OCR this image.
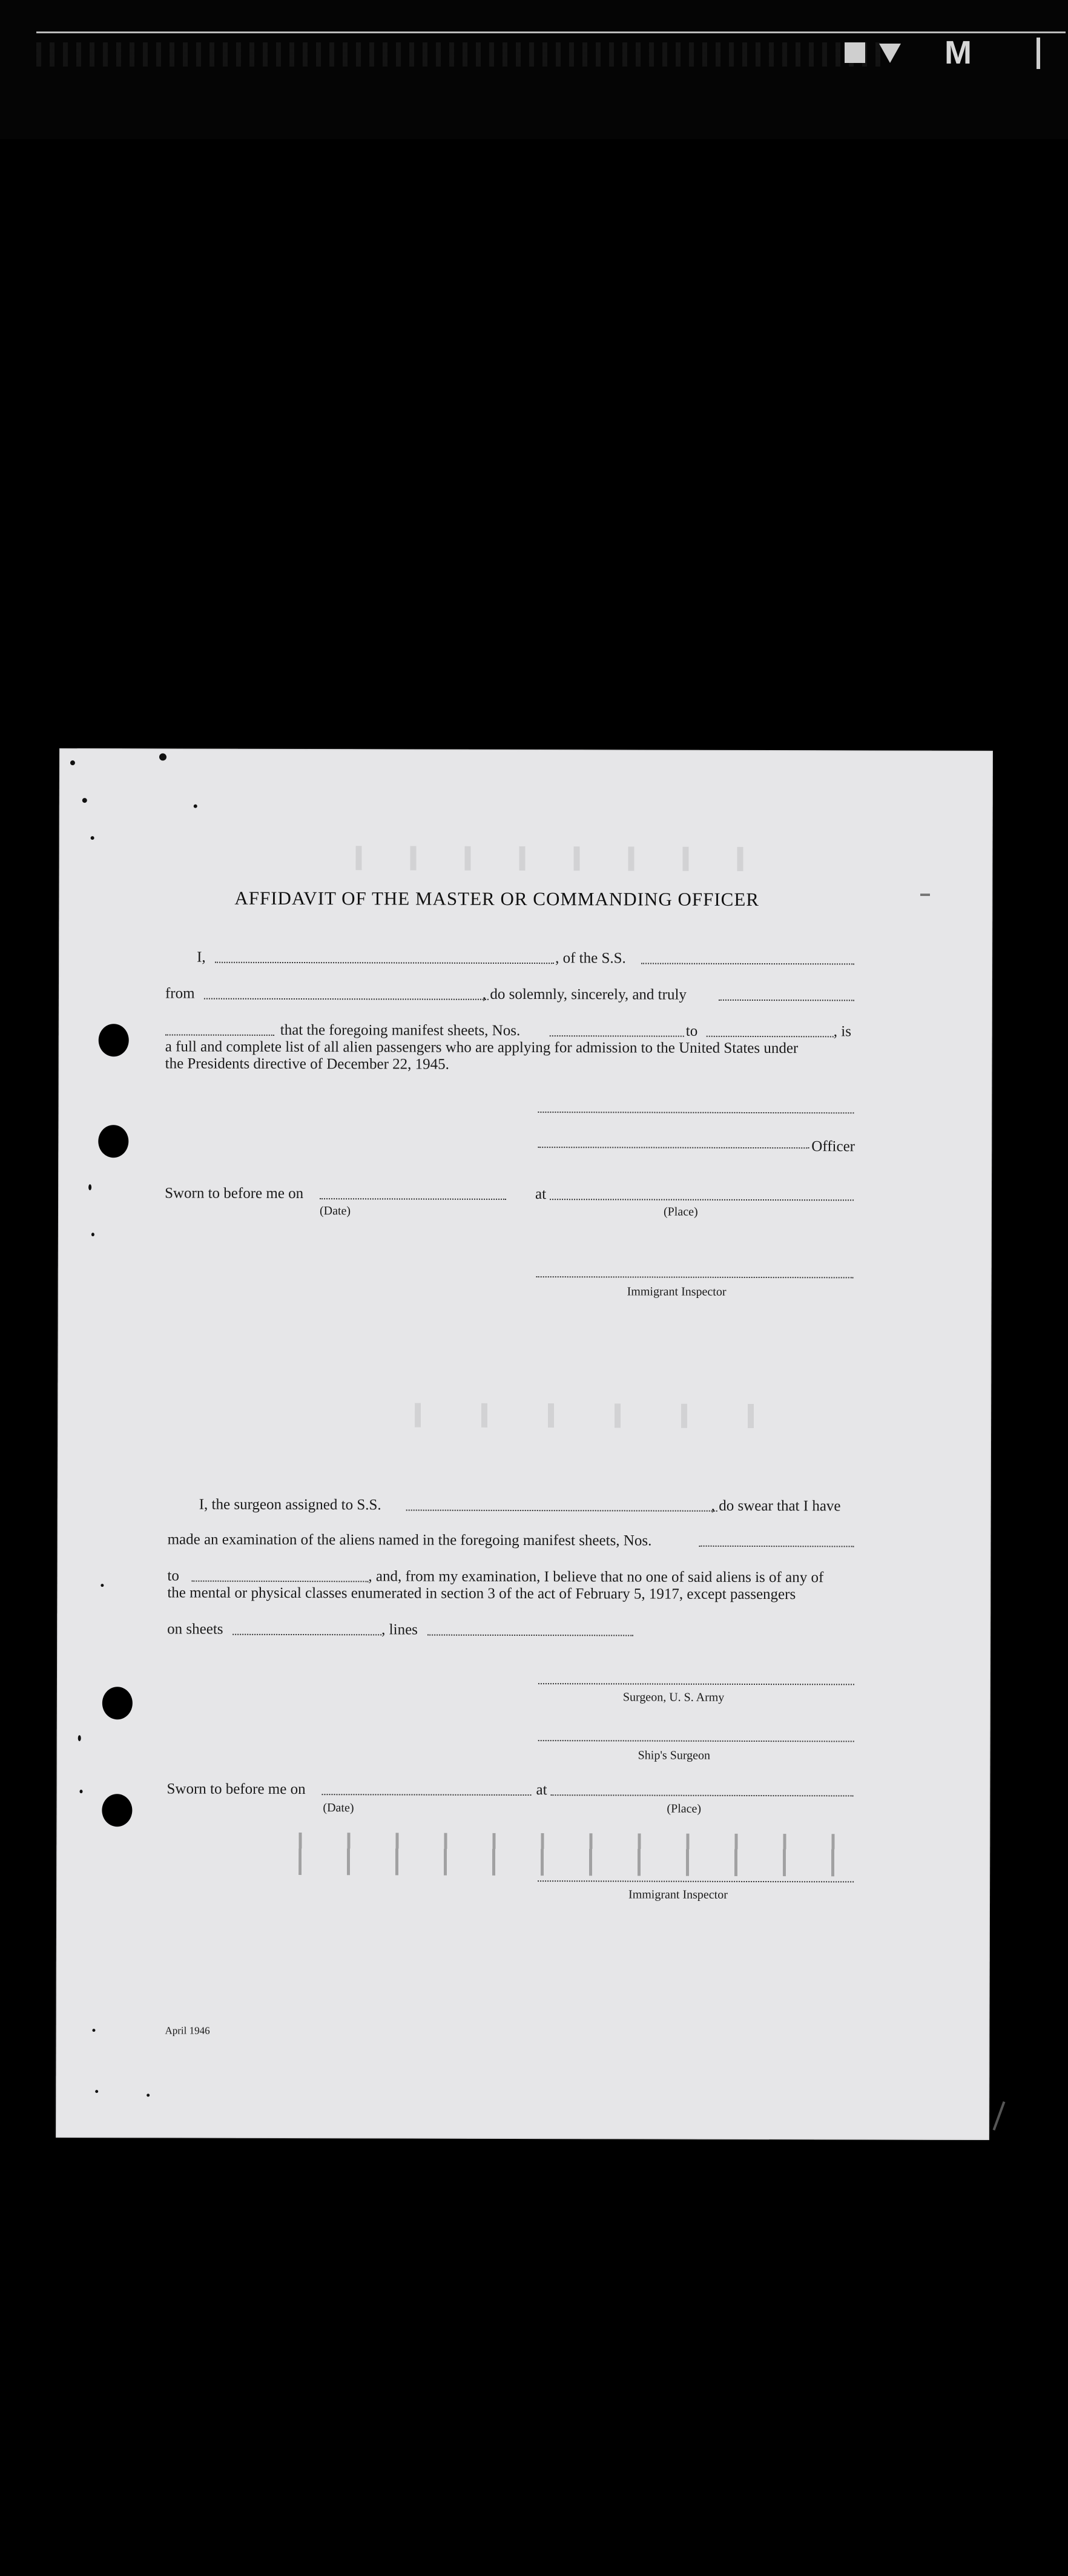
M
AFFIDAVIT OF THE MASTER OR COMMANDING OFFICER
I,	, of the S.S.
from	, do solemnly, sincerely, and truly
that the foregoing manifest sheets, Nos.	to	, is
a full and complete list of all alien passengers who are applying for admission to the United States under
the Presidents directive of December 22, 1945.
Officer
Sworn to before me on	at
(Date)	(Place)
Immigrant Inspector
I, the surgeon assigned to S.S.	, do swear that I have
made an examination of the aliens named in the foregoing manifest sheets, Nos.
to	, and, from my examination, I believe that no one of said aliens is of any of
the mental or physical classes enumerated in section 3 of the act of February 5, 1917, except passengers
on sheets	, lines
Surgeon, U. S. Army
Ship's Surgeon
Sworn to before me on	at
(Date)	(Place)
Immigrant Inspector
April 1946
